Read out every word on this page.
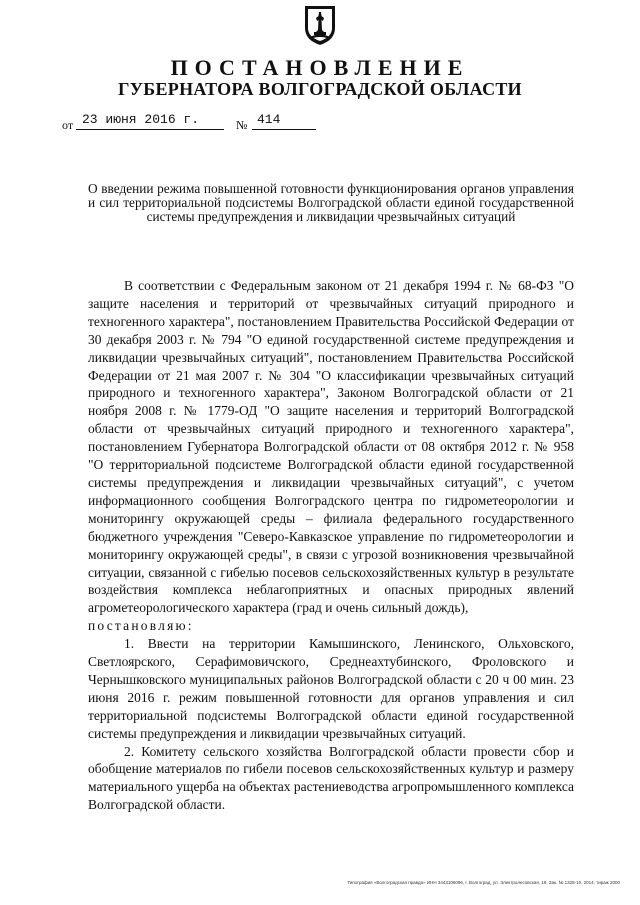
ПОСТАНОВЛЕНИЕ
ГУБЕРНАТОРА ВОЛГОГРАДСКОЙ ОБЛАСТИ
от 23 июня 2016 г.	№ 414
О введении режима повышенной готовности функционирования органов управления и сил территориальной подсистемы Волгоградской области единой государственной системы предупреждения и ликвидации чрезвычайных ситуаций

В соответствии с Федеральным законом от 21 декабря 1994 г. № 68-ФЗ "О защите населения и территорий от чрезвычайных ситуаций природного и техногенного характера", постановлением Правительства Российской Федерации от 30 декабря 2003 г. № 794 "О единой государственной системе предупреждения и ликвидации чрезвычайных ситуаций", постановлением Правительства Российской Федерации от 21 мая 2007 г. № 304 "О классификации чрезвычайных ситуаций природного и техногенного характера", Законом Волгоградской области от 21 ноября 2008 г. № 1779-ОД "О защите населения и территорий Волгоградской области от чрезвычайных ситуаций природного и техногенного характера", постановлением Губернатора Волгоградской области от 08 октября 2012 г. № 958 "О территориальной подсистеме Волгоградской области единой государственной системы предупреждения и ликвидации чрезвычайных ситуаций", с учетом информационного сообщения Волгоградского центра по гидрометеорологии и мониторингу окружающей среды – филиала федерального государственного бюджетного учреждения "Северо-Кавказское управление по гидрометеорологии и мониторингу окружающей среды", в связи с угрозой возникновения чрезвычайной ситуации, связанной с гибелью посевов сельскохозяйственных культур в результате воздействия комплекса неблагоприятных и опасных природных явлений агрометеорологического характера (град и очень сильный дождь),

постановляю:

1. Ввести на территории Камышинского, Ленинского, Ольховского, Светлоярского, Серафимовичского, Среднеахтубинского, Фроловского и Чернышковского муниципальных районов Волгоградской области с 20 ч 00 мин. 23 июня 2016 г. режим повышенной готовности для органов управления и сил территориальной подсистемы Волгоградской области единой государственной системы предупреждения и ликвидации чрезвычайных ситуаций.

2. Комитету сельского хозяйства Волгоградской области провести сбор и обобщение материалов по гибели посевов сельскохозяйственных культур и размеру материального ущерба на объектах растениеводства агропромышленного комплекса Волгоградской области.

Типография «Волгоградская правда» ИНН 3443106096, г. Волгоград, ул. Электролесовская, 19. Зак. № 1328-10. 2014, тираж 2000
